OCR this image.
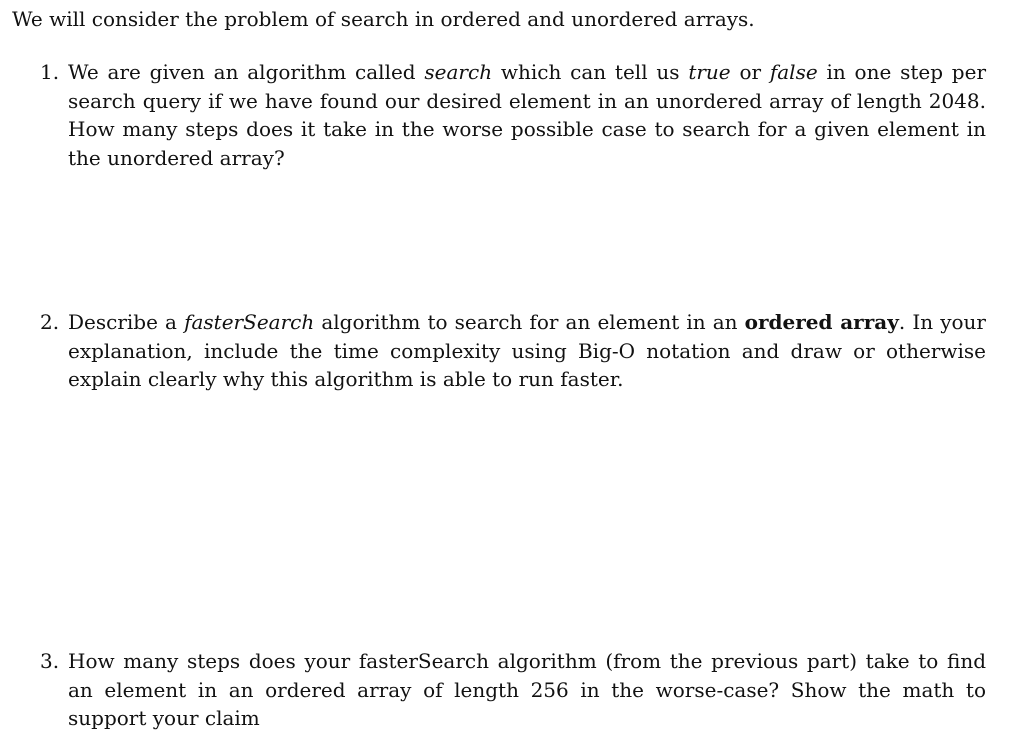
We will consider the problem of search in ordered and unordered arrays.

1. We are given an algorithm called search which can tell us true or false in one step per search query if we have found our desired element in an unordered array of length 2048. How many steps does it take in the worse possible case to search for a given element in the unordered array?
2. Describe a fasterSearch algorithm to search for an element in an ordered array. In your explanation, include the time complexity using Big-O notation and draw or otherwise explain clearly why this algorithm is able to run faster.
3. How many steps does your fasterSearch algorithm (from the previous part) take to find an element in an ordered array of length 256 in the worse-case? Show the math to support your claim
